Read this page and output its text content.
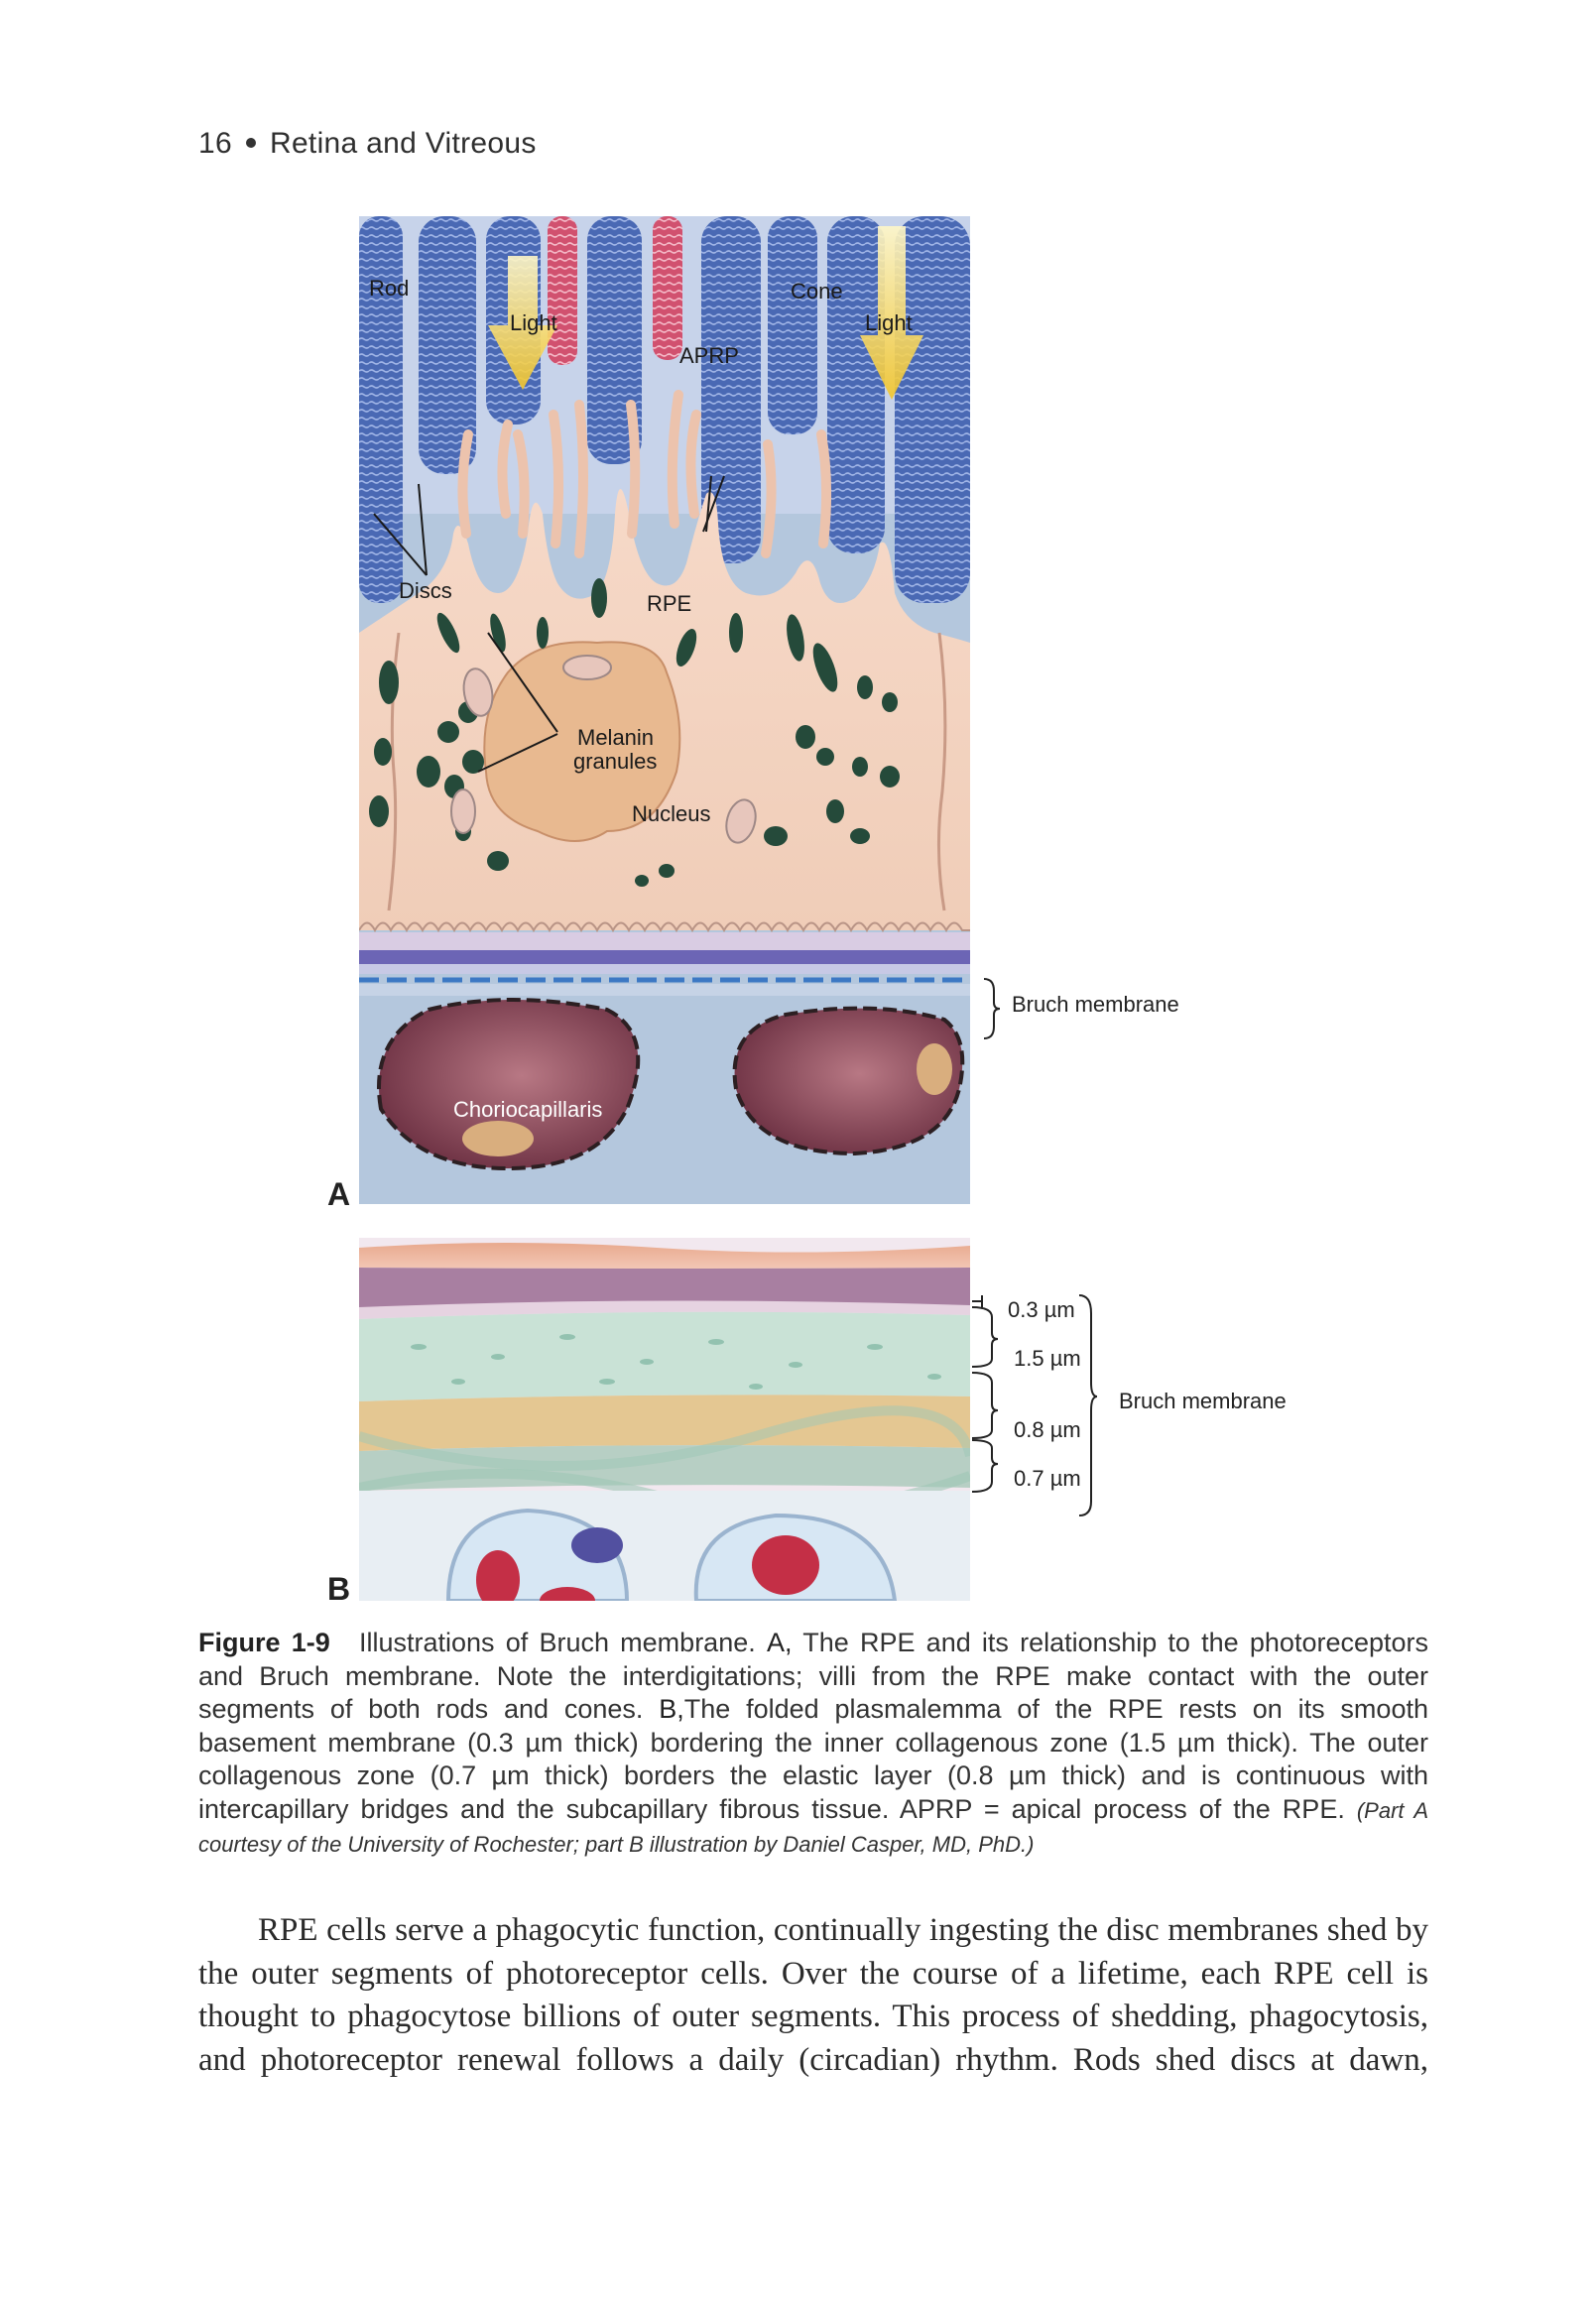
16 Retina and Vitreous
Rod
Light
Cone
Light
APRP
Discs
RPE
Melanin
granules
Nucleus
Choriocapillaris
Bruch membrane
A
0.3 µm
1.5 µm
0.8 µm
0.7 µm
Bruch membrane
B
Figure 1-9 Illustrations of Bruch membrane. A, The RPE and its relationship to the photoreceptors and Bruch membrane. Note the interdigitations; villi from the RPE make contact with the outer segments of both rods and cones. B,The folded plasmalemma of the RPE rests on its smooth basement membrane (0.3 µm thick) bordering the inner collagenous zone (1.5 µm thick). The outer collagenous zone (0.7 µm thick) borders the elastic layer (0.8 µm thick) and is continuous with intercapillary bridges and the subcapillary fibrous tissue. APRP = apical process of the RPE. (Part A courtesy of the University of Rochester; part B illustration by Daniel Casper, MD, PhD.)

RPE cells serve a phagocytic function, continually ingesting the disc membranes shed by the outer segments of photoreceptor cells. Over the course of a lifetime, each RPE cell is thought to phagocytose billions of outer segments. This process of shedding, phagocytosis, and photoreceptor renewal follows a daily (circadian) rhythm. Rods shed discs at dawn,
